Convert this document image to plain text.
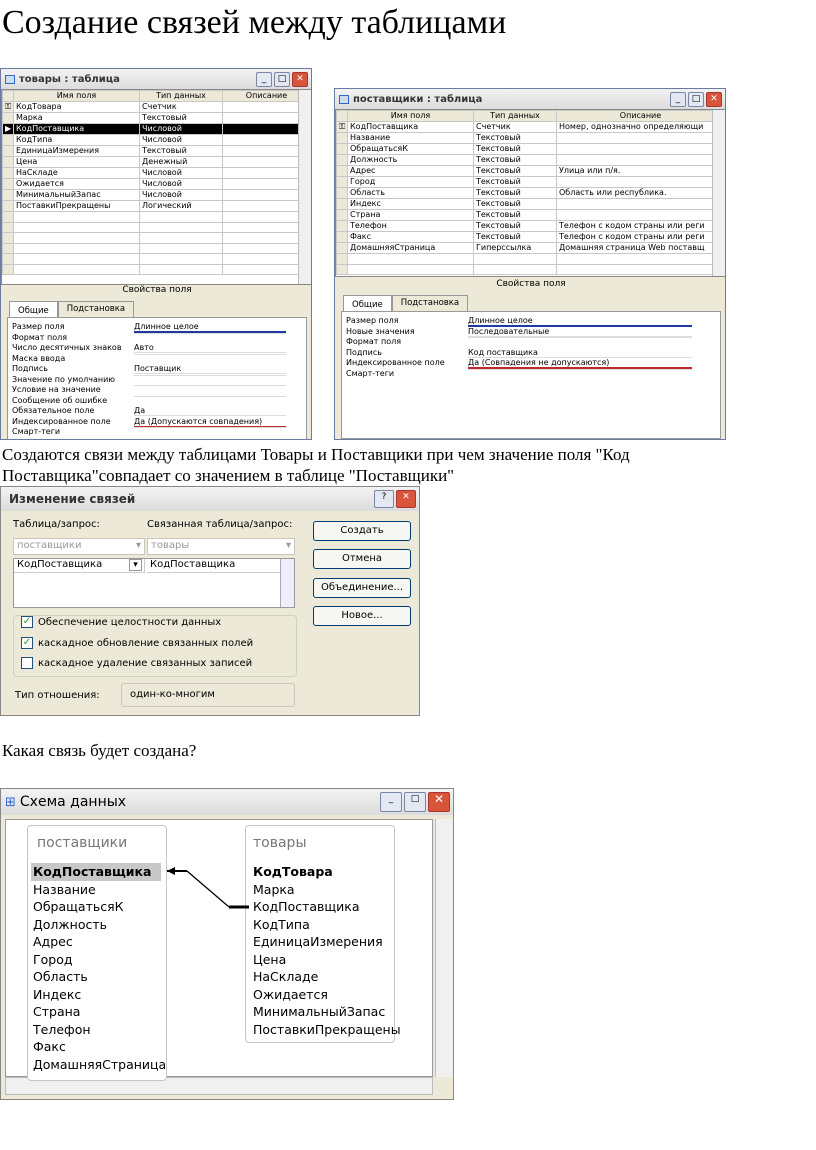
Создание связей между таблицами
товары : таблица	_	□	✕
	Имя поля	Тип данных	Описание
⚿	КодТовара	Счетчик	
	Марка	Текстовый	
▶	КодПоставщика	Числовой	
	КодТипа	Числовой	
	ЕдиницаИзмерения	Текстовый	
	Цена	Денежный	
	НаСкладе	Числовой	
	Ожидается	Числовой	
	МинимальныйЗапас	Числовой	
	ПоставкиПрекращены	Логический	

Свойства поля
Общие	Подстановка
Размер поля	Длинное целое
Формат поля
Число десятичных знаков Авто
Маска ввода
Подпись	Поставщик
Значение по умолчанию
Условие на значение
Сообщение об ошибке
Обязательное поле	Да
Индексированное поле	Да (Допускаются совпадения)
Смарт-теги
поставщики : таблица	_	□	✕
	Имя поля	Тип данных	Описание
⚿	КодПоставщика	Счетчик	Номер, однозначно определяющи
	Название	Текстовый	
	ОбращатьсяК	Текстовый	
	Должность	Текстовый	
	Адрес	Текстовый	Улица или п/я.
	Город	Текстовый	
	Область	Текстовый	Область или республика.
	Индекс	Текстовый	
	Страна	Текстовый	
	Телефон	Текстовый	Телефон с кодом страны или реги
	Факс	Текстовый	Телефон с кодом страны или реги
	ДомашняяСтраница	Гиперссылка	Домашняя страница Web поставщ

Свойства поля
Общие	Подстановка
Размер поля	Длинное целое
Новые значения	Последовательные
Формат поля
Подпись	Код поставщика
Индексированное поле	Да (Совпадения не допускаются)
Смарт-теги
Создаются связи между таблицами Товары и Поставщики при чем значение поля "Код Поставщика"совпадает со значением в таблице "Поставщики"
Изменение связей	?	✕
Таблица/запрос:	Связанная таблица/запрос:
поставщики	▾	товары	▾
КодПоставщика	▾	КодПоставщика
Создать
Отмена
Объединение...
Новое...
✓ Обеспечение целостности данных
✓ каскадное обновление связанных полей
каскадное удаление связанных записей
Тип отношения:	один-ко-многим
Какая связь будет создана?
⊞ Схема данных	_	□	✕
поставщики
КодПоставщика
Название
ОбращатьсяК
Должность
Адрес
Город
Область
Индекс
Страна
Телефон
Факс
ДомашняяСтраница
товары
КодТовара
Марка
КодПоставщика
КодТипа
ЕдиницаИзмерения
Цена
НаСкладе
Ожидается
МинимальныйЗапас
ПоставкиПрекращены
